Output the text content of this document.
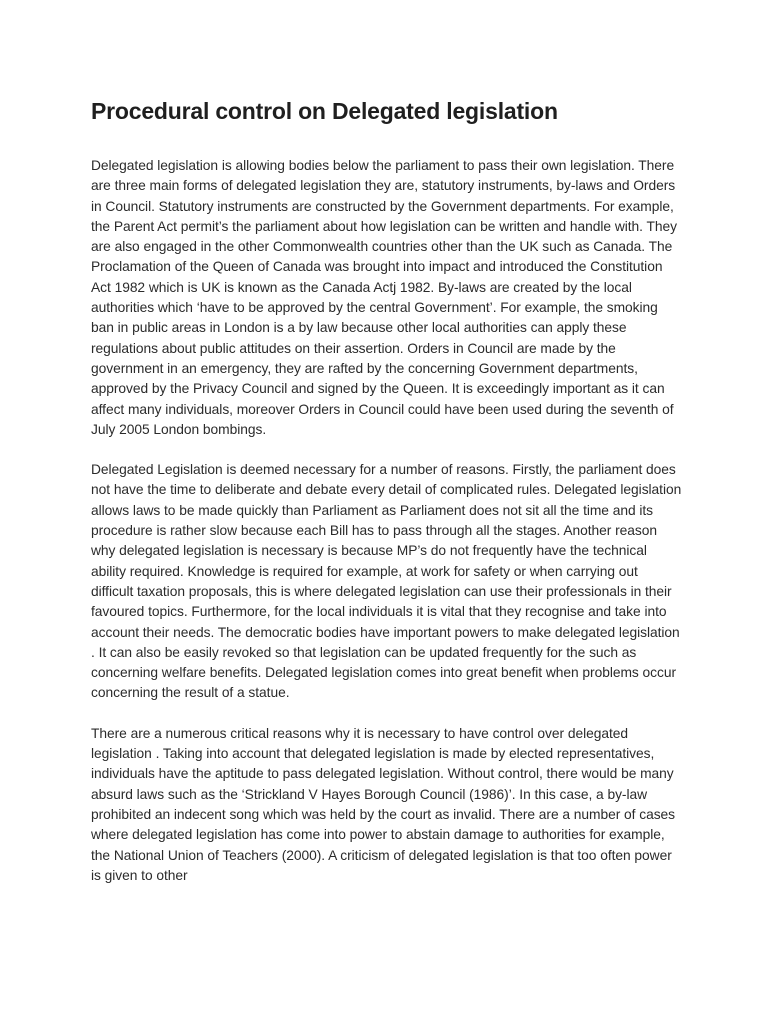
Procedural control on Delegated legislation

Delegated legislation is allowing bodies below the parliament to pass their own legislation. There are three main forms of delegated legislation they are, statutory instruments, by-laws and Orders in Council. Statutory instruments are constructed by the Government departments. For example, the Parent Act permit’s the parliament about how legislation can be written and handle with. They are also engaged in the other Commonwealth countries other than the UK such as Canada. The Proclamation of the Queen of Canada was brought into impact and introduced the Constitution Act 1982 which is UK is known as the Canada Actj 1982. By-laws are created by the local authorities which ‘have to be approved by the central Government’. For example, the smoking ban in public areas in London is a by law because other local authorities can apply these regulations about public attitudes on their assertion. Orders in Council are made by the government in an emergency, they are rafted by the concerning Government departments, approved by the Privacy Council and signed by the Queen. It is exceedingly important as it can affect many individuals, moreover Orders in Council could have been used during the seventh of July 2005 London bombings.

Delegated Legislation is deemed necessary for a number of reasons. Firstly, the parliament does not have the time to deliberate and debate every detail of complicated rules. Delegated legislation allows laws to be made quickly than Parliament as Parliament does not sit all the time and its procedure is rather slow because each Bill has to pass through all the stages. Another reason why delegated legislation is necessary is because MP’s do not frequently have the technical ability required. Knowledge is required for example, at work for safety or when carrying out difficult taxation proposals, this is where delegated legislation can use their professionals in their favoured topics. Furthermore, for the local individuals it is vital that they recognise and take into account their needs. The democratic bodies have important powers to make delegated legislation . It can also be easily revoked so that legislation can be updated frequently for the such as concerning welfare benefits. Delegated legislation comes into great benefit when problems occur concerning the result of a statue.

There are a numerous critical reasons why it is necessary to have control over delegated legislation . Taking into account that delegated legislation is made by elected representatives, individuals have the aptitude to pass delegated legislation. Without control, there would be many absurd laws such as the ‘Strickland V Hayes Borough Council (1986)’. In this case, a by-law prohibited an indecent song which was held by the court as invalid. There are a number of cases where delegated legislation has come into power to abstain damage to authorities for example, the National Union of Teachers (2000). A criticism of delegated legislation is that too often power is given to other
